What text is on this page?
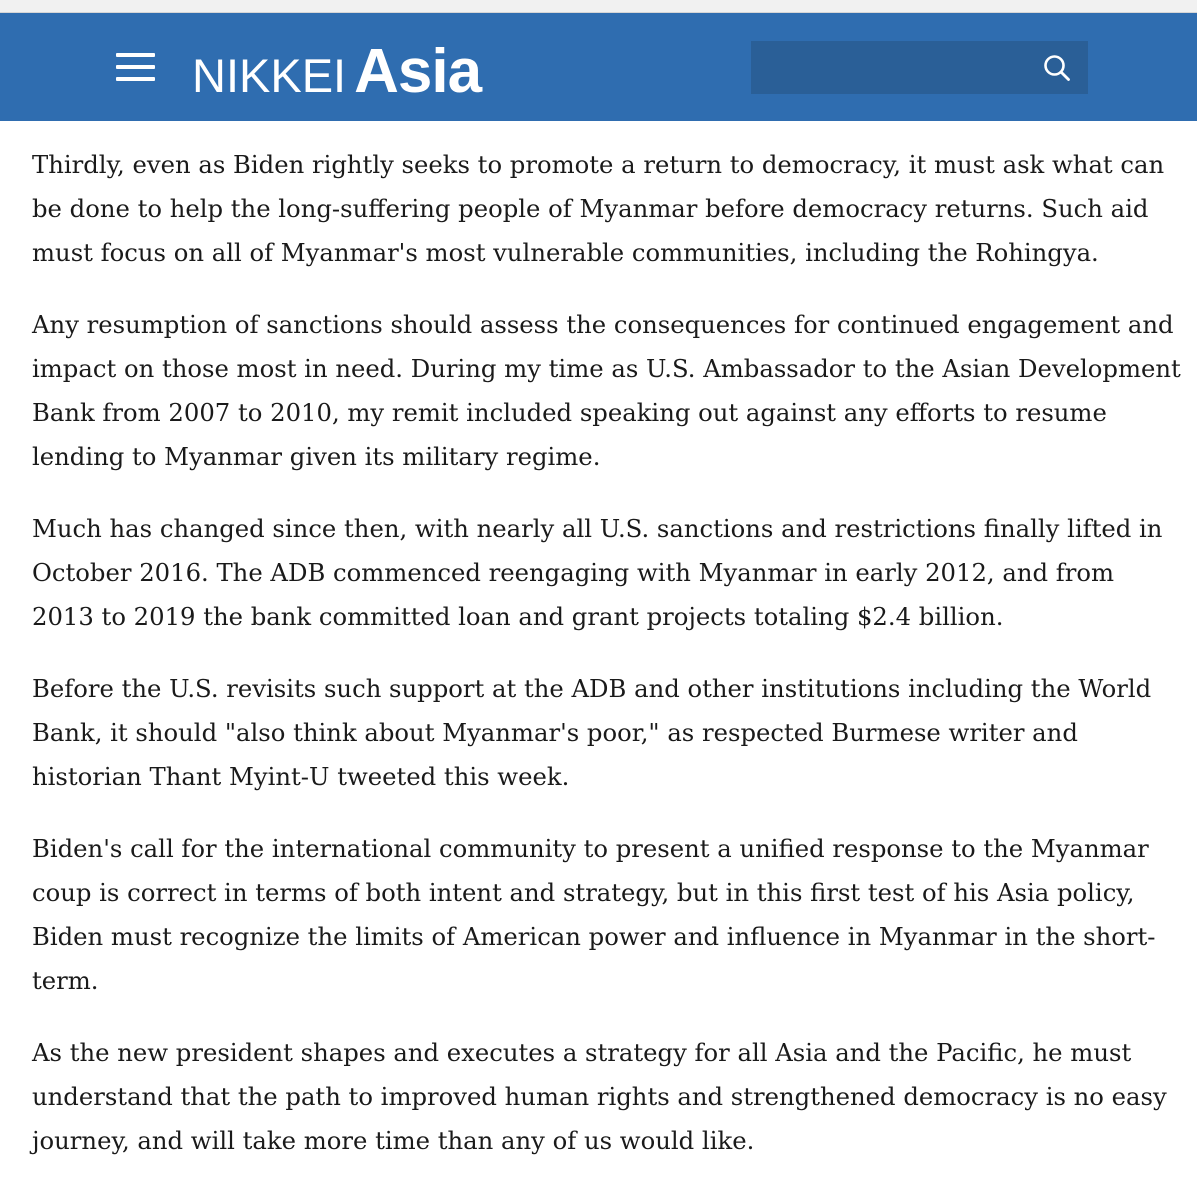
NIKKEI Asia

Thirdly, even as Biden rightly seeks to promote a return to democracy, it must ask what can be done to help the long-suffering people of Myanmar before democracy returns. Such aid must focus on all of Myanmar's most vulnerable communities, including the Rohingya.

Any resumption of sanctions should assess the consequences for continued engagement and impact on those most in need. During my time as U.S. Ambassador to the Asian Development Bank from 2007 to 2010, my remit included speaking out against any efforts to resume lending to Myanmar given its military regime.

Much has changed since then, with nearly all U.S. sanctions and restrictions finally lifted in October 2016. The ADB commenced reengaging with Myanmar in early 2012, and from 2013 to 2019 the bank committed loan and grant projects totaling $2.4 billion.

Before the U.S. revisits such support at the ADB and other institutions including the World Bank, it should "also think about Myanmar's poor," as respected Burmese writer and historian Thant Myint-U tweeted this week.

Biden's call for the international community to present a unified response to the Myanmar coup is correct in terms of both intent and strategy, but in this first test of his Asia policy, Biden must recognize the limits of American power and influence in Myanmar in the short-term.

As the new president shapes and executes a strategy for all Asia and the Pacific, he must understand that the path to improved human rights and strengthened democracy is no easy journey, and will take more time than any of us would like.
